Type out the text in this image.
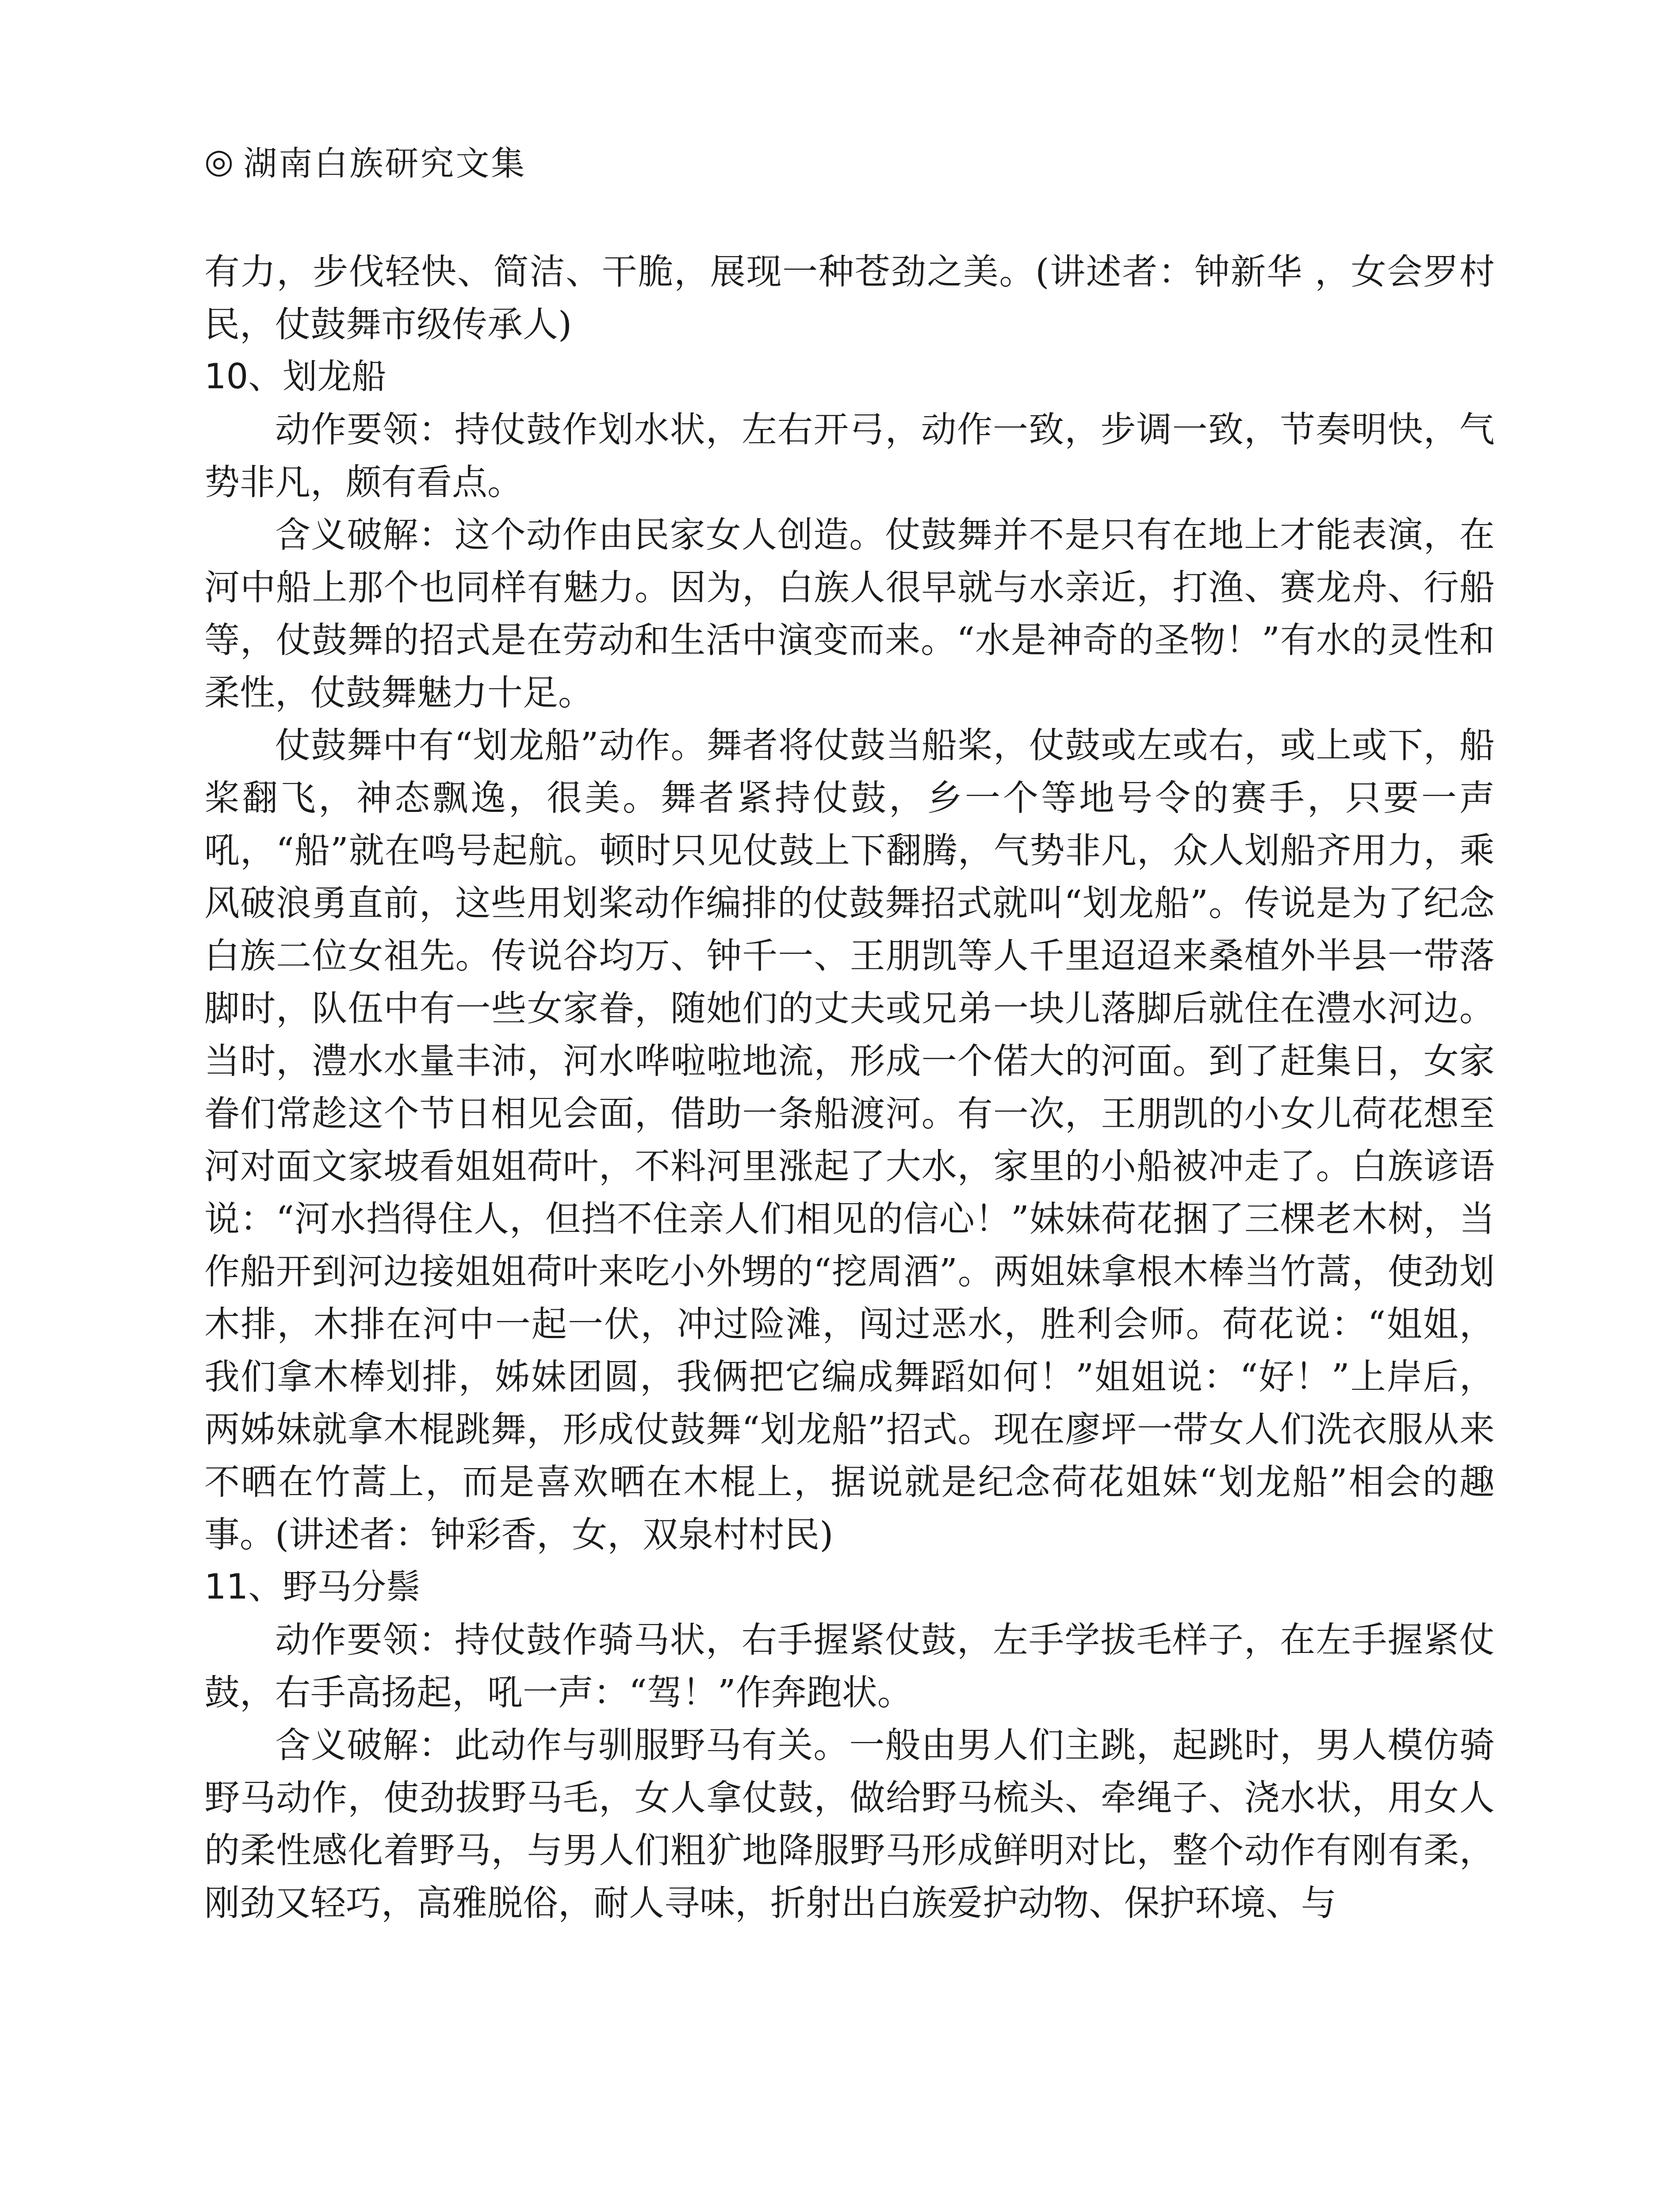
◎ 湖南白族研究文集

有力，步伐轻快、简洁、干脆，展现一种苍劲之美。(讲述者：钟新华 ，女会罗村民，仗鼓舞市级传承人)

10、划龙船

动作要领：持仗鼓作划水状，左右开弓，动作一致，步调一致，节奏明快，气势非凡，颇有看点。

含义破解：这个动作由民家女人创造。仗鼓舞并不是只有在地上才能表演，在河中船上那个也同样有魅力。因为，白族人很早就与水亲近，打渔、赛龙舟、行船等，仗鼓舞的招式是在劳动和生活中演变而来。“水是神奇的圣物！”有水的灵性和柔性，仗鼓舞魅力十足。

仗鼓舞中有“划龙船”动作。舞者将仗鼓当船桨，仗鼓或左或右，或上或下，船桨翻飞，神态飘逸，很美。舞者紧持仗鼓，乡一个等地号令的赛手，只要一声吼，“船”就在鸣号起航。顿时只见仗鼓上下翻腾，气势非凡，众人划船齐用力，乘风破浪勇直前，这些用划桨动作编排的仗鼓舞招式就叫“划龙船”。传说是为了纪念白族二位女祖先。传说谷均万、钟千一、王朋凯等人千里迢迢来桑植外半县一带落脚时，队伍中有一些女家眷，随她们的丈夫或兄弟一块儿落脚后就住在澧水河边。当时，澧水水量丰沛，河水哗啦啦地流，形成一个偌大的河面。到了赶集日，女家眷们常趁这个节日相见会面，借助一条船渡河。有一次，王朋凯的小女儿荷花想至河对面文家坡看姐姐荷叶，不料河里涨起了大水，家里的小船被冲走了。白族谚语说：“河水挡得住人，但挡不住亲人们相见的信心！”妹妹荷花捆了三棵老木树，当作船开到河边接姐姐荷叶来吃小外甥的“挖周酒”。两姐妹拿根木棒当竹蒿，使劲划木排，木排在河中一起一伏，冲过险滩，闯过恶水，胜利会师。荷花说：“姐姐，我们拿木棒划排，姊妹团圆，我俩把它编成舞蹈如何！”姐姐说：“好！”上岸后，两姊妹就拿木棍跳舞，形成仗鼓舞“划龙船”招式。现在廖坪一带女人们洗衣服从来不晒在竹蒿上，而是喜欢晒在木棍上，据说就是纪念荷花姐妹“划龙船”相会的趣事。(讲述者：钟彩香，女，双泉村村民)

11、野马分鬃

动作要领：持仗鼓作骑马状，右手握紧仗鼓，左手学拔毛样子，在左手握紧仗鼓，右手高扬起，吼一声：“驾！”作奔跑状。

含义破解：此动作与驯服野马有关。一般由男人们主跳，起跳时，男人模仿骑野马动作，使劲拔野马毛，女人拿仗鼓，做给野马梳头、牵绳子、浇水状，用女人的柔性感化着野马，与男人们粗犷地降服野马形成鲜明对比，整个动作有刚有柔，刚劲又轻巧，高雅脱俗，耐人寻味，折射出白族爱护动物、保护环境、与
